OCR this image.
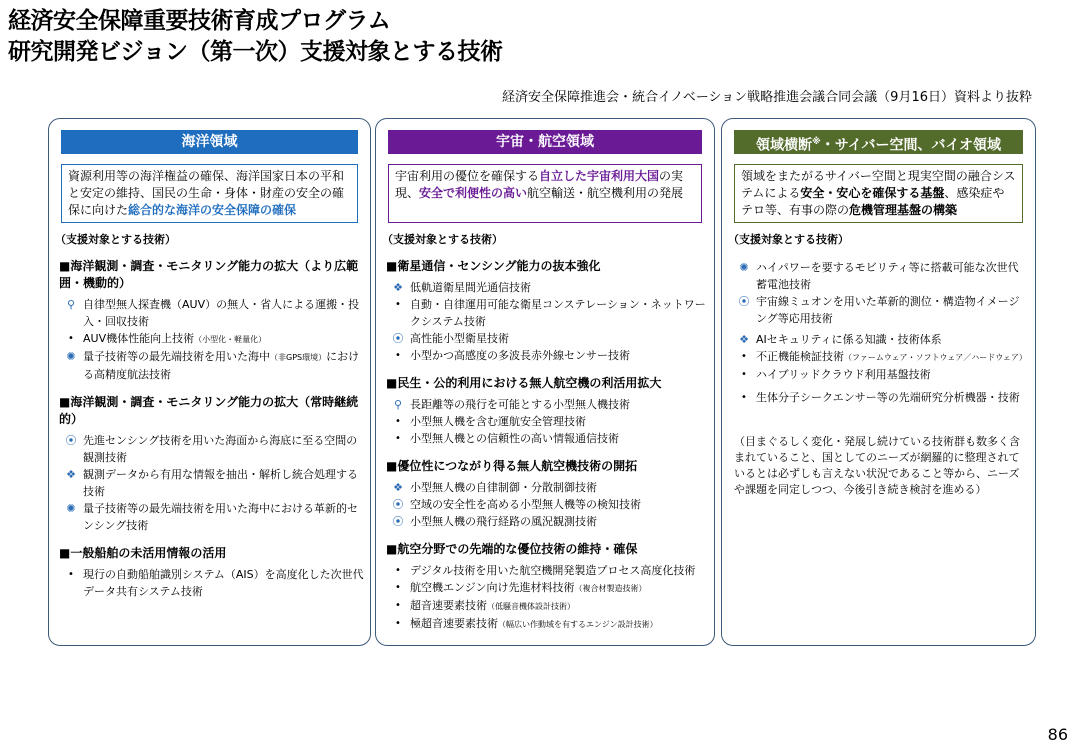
経済安全保障重要技術育成プログラム
研究開発ビジョン（第一次）支援対象とする技術
経済安全保障推進会・統合イノベーション戦略推進会議合同会議（9月16日）資料より抜粋
海洋領域
資源利用等の海洋権益の確保、海洋国家日本の平和と安定の維持、国民の生命・身体・財産の安全の確保に向けた総合的な海洋の安全保障の確保
（支援対象とする技術）
■海洋観測・調査・モニタリング能力の拡大（より広範囲・機動的）
⚲ 自律型無人探査機（AUV）の無人・省人による運搬・投入・回収技術
• AUV機体性能向上技術（小型化・軽量化）
✺ 量子技術等の最先端技術を用いた海中（非GPS環境）における高精度航法技術
■海洋観測・調査・モニタリング能力の拡大（常時継続的）
⦿ 先進センシング技術を用いた海面から海底に至る空間の観測技術
❖ 観測データから有用な情報を抽出・解析し統合処理する技術
✺ 量子技術等の最先端技術を用いた海中における革新的センシング技術
■一般船舶の未活用情報の活用
• 現行の自動船舶識別システム（AIS）を高度化した次世代データ共有システム技術
宇宙・航空領域
宇宙利用の優位を確保する自立した宇宙利用大国の実現、安全で利便性の高い航空輸送・航空機利用の発展
（支援対象とする技術）
■衛星通信・センシング能力の抜本強化
❖ 低軌道衛星間光通信技術
• 自動・自律運用可能な衛星コンステレーション・ネットワークシステム技術
⦿ 高性能小型衛星技術
• 小型かつ高感度の多波長赤外線センサー技術
■民生・公的利用における無人航空機の利活用拡大
⚲ 長距離等の飛行を可能とする小型無人機技術
• 小型無人機を含む運航安全管理技術
• 小型無人機との信頼性の高い情報通信技術
■優位性につながり得る無人航空機技術の開拓
❖ 小型無人機の自律制御・分散制御技術
⦿ 空域の安全性を高める小型無人機等の検知技術
⦿ 小型無人機の飛行経路の風況観測技術
■航空分野での先端的な優位技術の維持・確保
• デジタル技術を用いた航空機開発製造プロセス高度化技術
• 航空機エンジン向け先進材料技術（複合材製造技術）
• 超音速要素技術（低騒音機体設計技術）
• 極超音速要素技術（幅広い作動域を有するエンジン設計技術）
領域横断※・サイバー空間、バイオ領域
領域をまたがるサイバー空間と現実空間の融合システムによる安全・安心を確保する基盤、感染症やテロ等、有事の際の危機管理基盤の構築
（支援対象とする技術）
✺ ハイパワーを要するモビリティ等に搭載可能な次世代蓄電池技術
⦿ 宇宙線ミュオンを用いた革新的測位・構造物イメージング等応用技術
❖ AIセキュリティに係る知識・技術体系
• 不正機能検証技術（ファームウェア・ソフトウェア／ハードウェア）
• ハイブリッドクラウド利用基盤技術
• 生体分子シークエンサー等の先端研究分析機器・技術
（目まぐるしく変化・発展し続けている技術群も数多く含まれていること、国としてのニーズが網羅的に整理されているとは必ずしも言えない状況であること等から、ニーズや課題を同定しつつ、今後引き続き検討を進める）
86
